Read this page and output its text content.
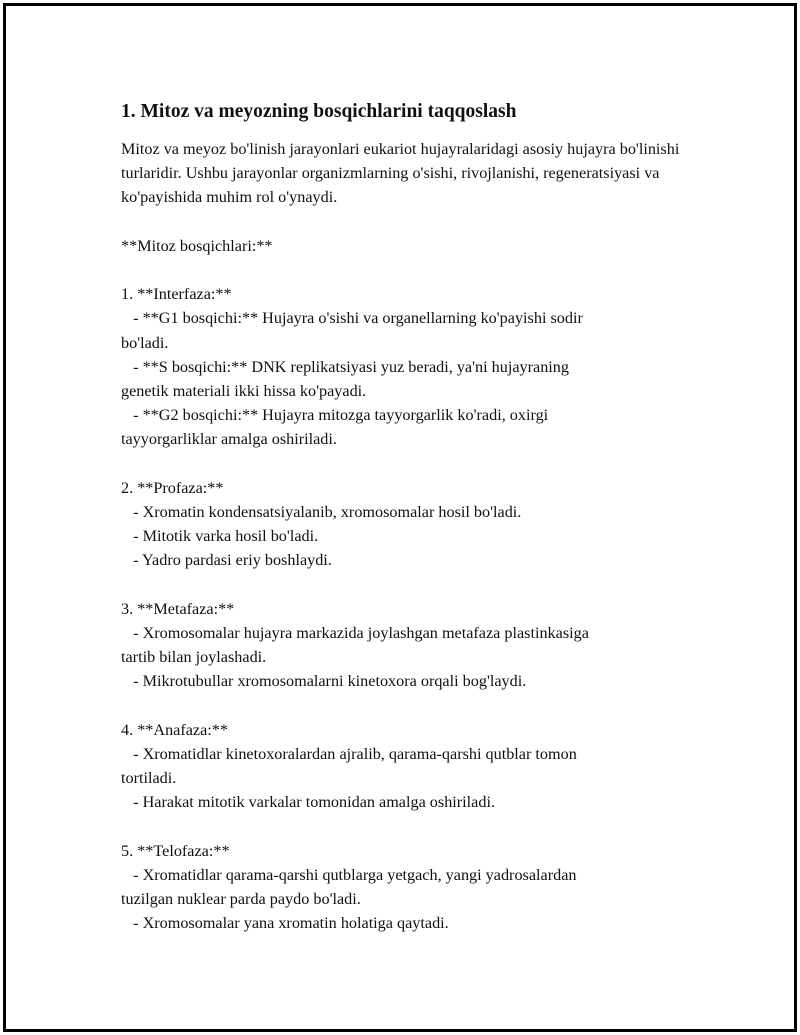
1. Mitoz va meyozning bosqichlarini taqqoslash

Mitoz va meyoz bo'linish jarayonlari eukariot hujayralaridagi asosiy hujayra bo'linishi turlaridir. Ushbu jarayonlar organizmlarning o'sishi, rivojlanishi, regeneratsiyasi va ko'payishida muhim rol o'ynaydi.

**Mitoz bosqichlari:**
1. **Interfaza:**
- **G1 bosqichi:** Hujayra o'sishi va organellarning ko'payishi sodir
bo'ladi.
- **S bosqichi:** DNK replikatsiyasi yuz beradi, ya'ni hujayraning
genetik materiali ikki hissa ko'payadi.
- **G2 bosqichi:** Hujayra mitozga tayyorgarlik ko'radi, oxirgi
tayyorgarliklar amalga oshiriladi.
2. **Profaza:**
- Xromatin kondensatsiyalanib, xromosomalar hosil bo'ladi.
- Mitotik varka hosil bo'ladi.
- Yadro pardasi eriy boshlaydi.
3. **Metafaza:**
- Xromosomalar hujayra markazida joylashgan metafaza plastinkasiga
tartib bilan joylashadi.
- Mikrotubullar xromosomalarni kinetoxora orqali bog'laydi.
4. **Anafaza:**
- Xromatidlar kinetoxoralardan ajralib, qarama-qarshi qutblar tomon
tortiladi.
- Harakat mitotik varkalar tomonidan amalga oshiriladi.
5. **Telofaza:**
- Xromatidlar qarama-qarshi qutblarga yetgach, yangi yadrosalardan
tuzilgan nuklear parda paydo bo'ladi.
- Xromosomalar yana xromatin holatiga qaytadi.
